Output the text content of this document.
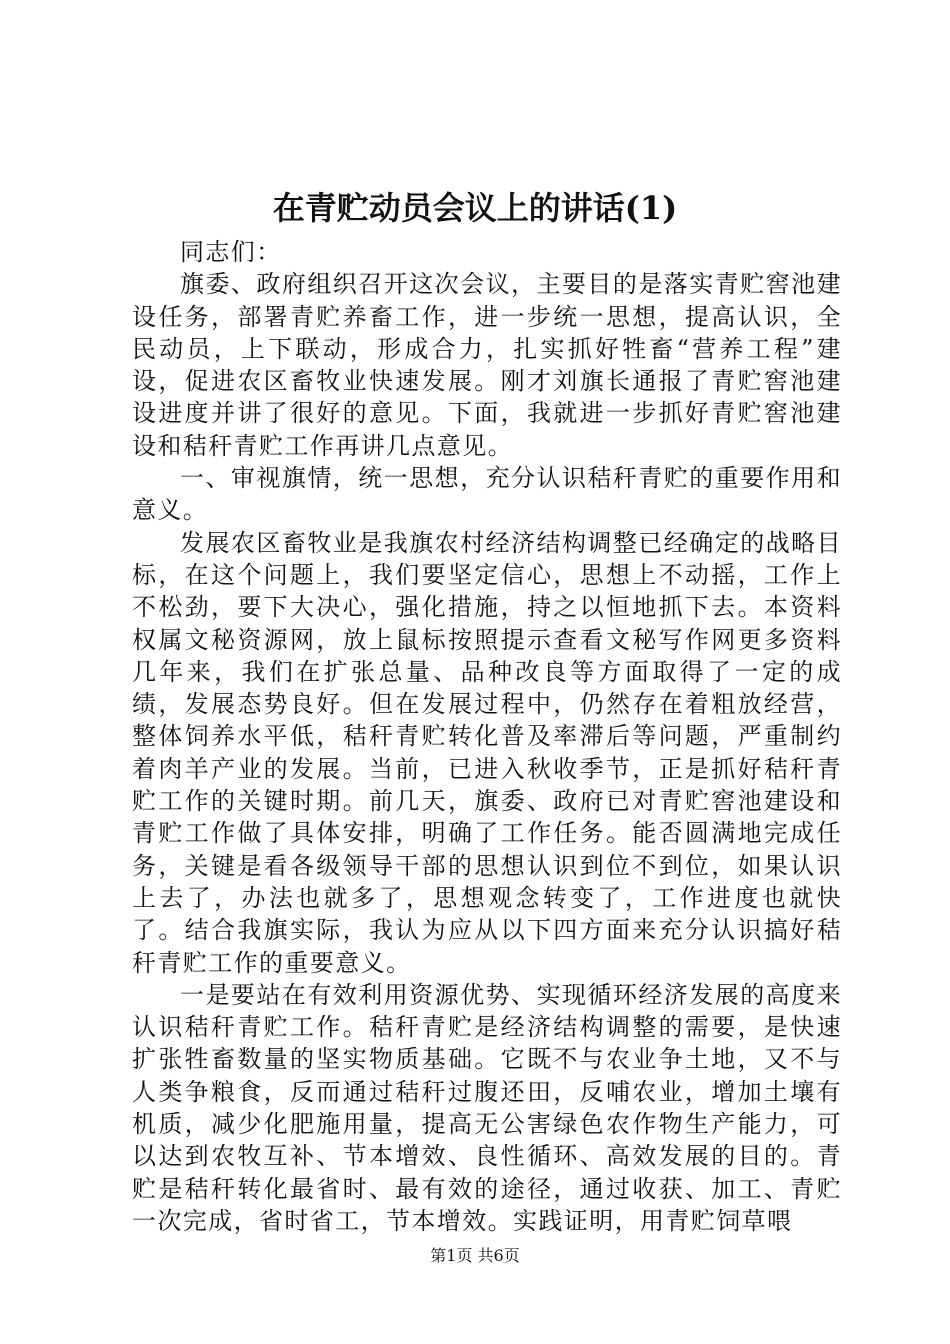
在青贮动员会议上的讲话(1)

同志们：

旗委、政府组织召开这次会议，主要目的是落实青贮窖池建设任务，部署青贮养畜工作，进一步统一思想，提高认识，全民动员，上下联动，形成合力，扎实抓好牲畜“营养工程”建设，促进农区畜牧业快速发展。刚才刘旗长通报了青贮窖池建设进度并讲了很好的意见。下面，我就进一步抓好青贮窖池建设和秸秆青贮工作再讲几点意见。

一、审视旗情，统一思想，充分认识秸秆青贮的重要作用和意义。

发展农区畜牧业是我旗农村经济结构调整已经确定的战略目标，在这个问题上，我们要坚定信心，思想上不动摇，工作上不松劲，要下大决心，强化措施，持之以恒地抓下去。本资料权属文秘资源网，放上鼠标按照提示查看文秘写作网更多资料几年来，我们在扩张总量、品种改良等方面取得了一定的成绩，发展态势良好。但在发展过程中，仍然存在着粗放经营，整体饲养水平低，秸秆青贮转化普及率滞后等问题，严重制约着肉羊产业的发展。当前，已进入秋收季节，正是抓好秸秆青贮工作的关键时期。前几天，旗委、政府已对青贮窖池建设和青贮工作做了具体安排，明确了工作任务。能否圆满地完成任务，关键是看各级领导干部的思想认识到位不到位，如果认识上去了，办法也就多了，思想观念转变了，工作进度也就快了。结合我旗实际，我认为应从以下四方面来充分认识搞好秸秆青贮工作的重要意义。

一是要站在有效利用资源优势、实现循环经济发展的高度来认识秸秆青贮工作。秸秆青贮是经济结构调整的需要，是快速扩张牲畜数量的坚实物质基础。它既不与农业争土地，又不与人类争粮食，反而通过秸秆过腹还田，反哺农业，增加土壤有机质，减少化肥施用量，提高无公害绿色农作物生产能力，可以达到农牧互补、节本增效、良性循环、高效发展的目的。青贮是秸秆转化最省时、最有效的途径，通过收获、加工、青贮一次完成，省时省工，节本增效。实践证明，用青贮饲草喂

第1页 共6页
